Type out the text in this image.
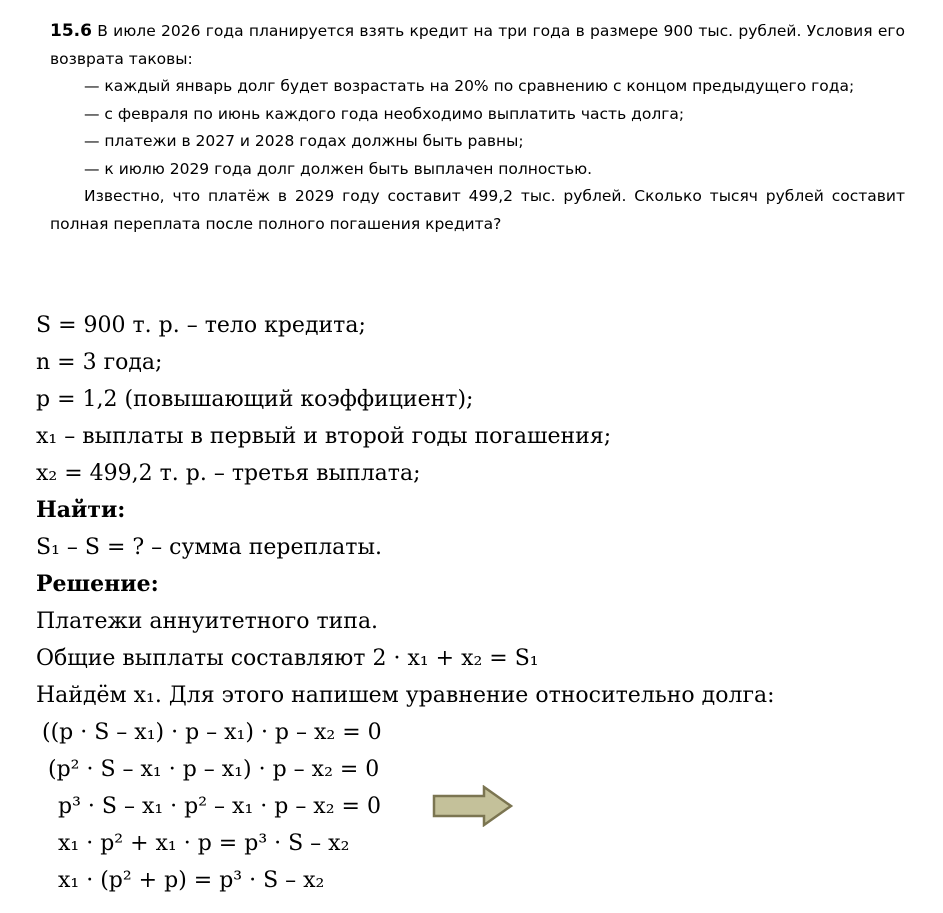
15.6 В июле 2026 года планируется взять кредит на три года в размере 900 тыс. рублей. Условия его возврата таковы:

— каждый январь долг будет возрастать на 20% по сравнению с концом предыдущего года;

— с февраля по июнь каждого года необходимо выплатить часть долга;

— платежи в 2027 и 2028 годах должны быть равны;

— к июлю 2029 года долг должен быть выплачен полностью.

Известно, что платёж в 2029 году составит 499,2 тыс. рублей. Сколько тысяч рублей составит полная переплата после полного погашения кредита?

S = 900 т. р. – тело кредита;
n = 3 года;
p = 1,2 (повышающий коэффициент);
x₁ – выплаты в первый и второй годы погашения;
x₂ = 499,2 т. р. – третья выплата;
Найти:
S₁ – S = ? – сумма переплаты.
Решение:
Платежи аннуитетного типа.
Общие выплаты составляют 2 · x₁ + x₂ = S₁
Найдём x₁. Для этого напишем уравнение относительно долга:
((p · S – x₁) · p – x₁) · p – x₂ = 0
(p² · S – x₁ · p – x₁) · p – x₂ = 0
p³ · S – x₁ · p² – x₁ · p – x₂ = 0
x₁ · p² + x₁ · p = p³ · S – x₂
x₁ · (p² + p) = p³ · S – x₂
